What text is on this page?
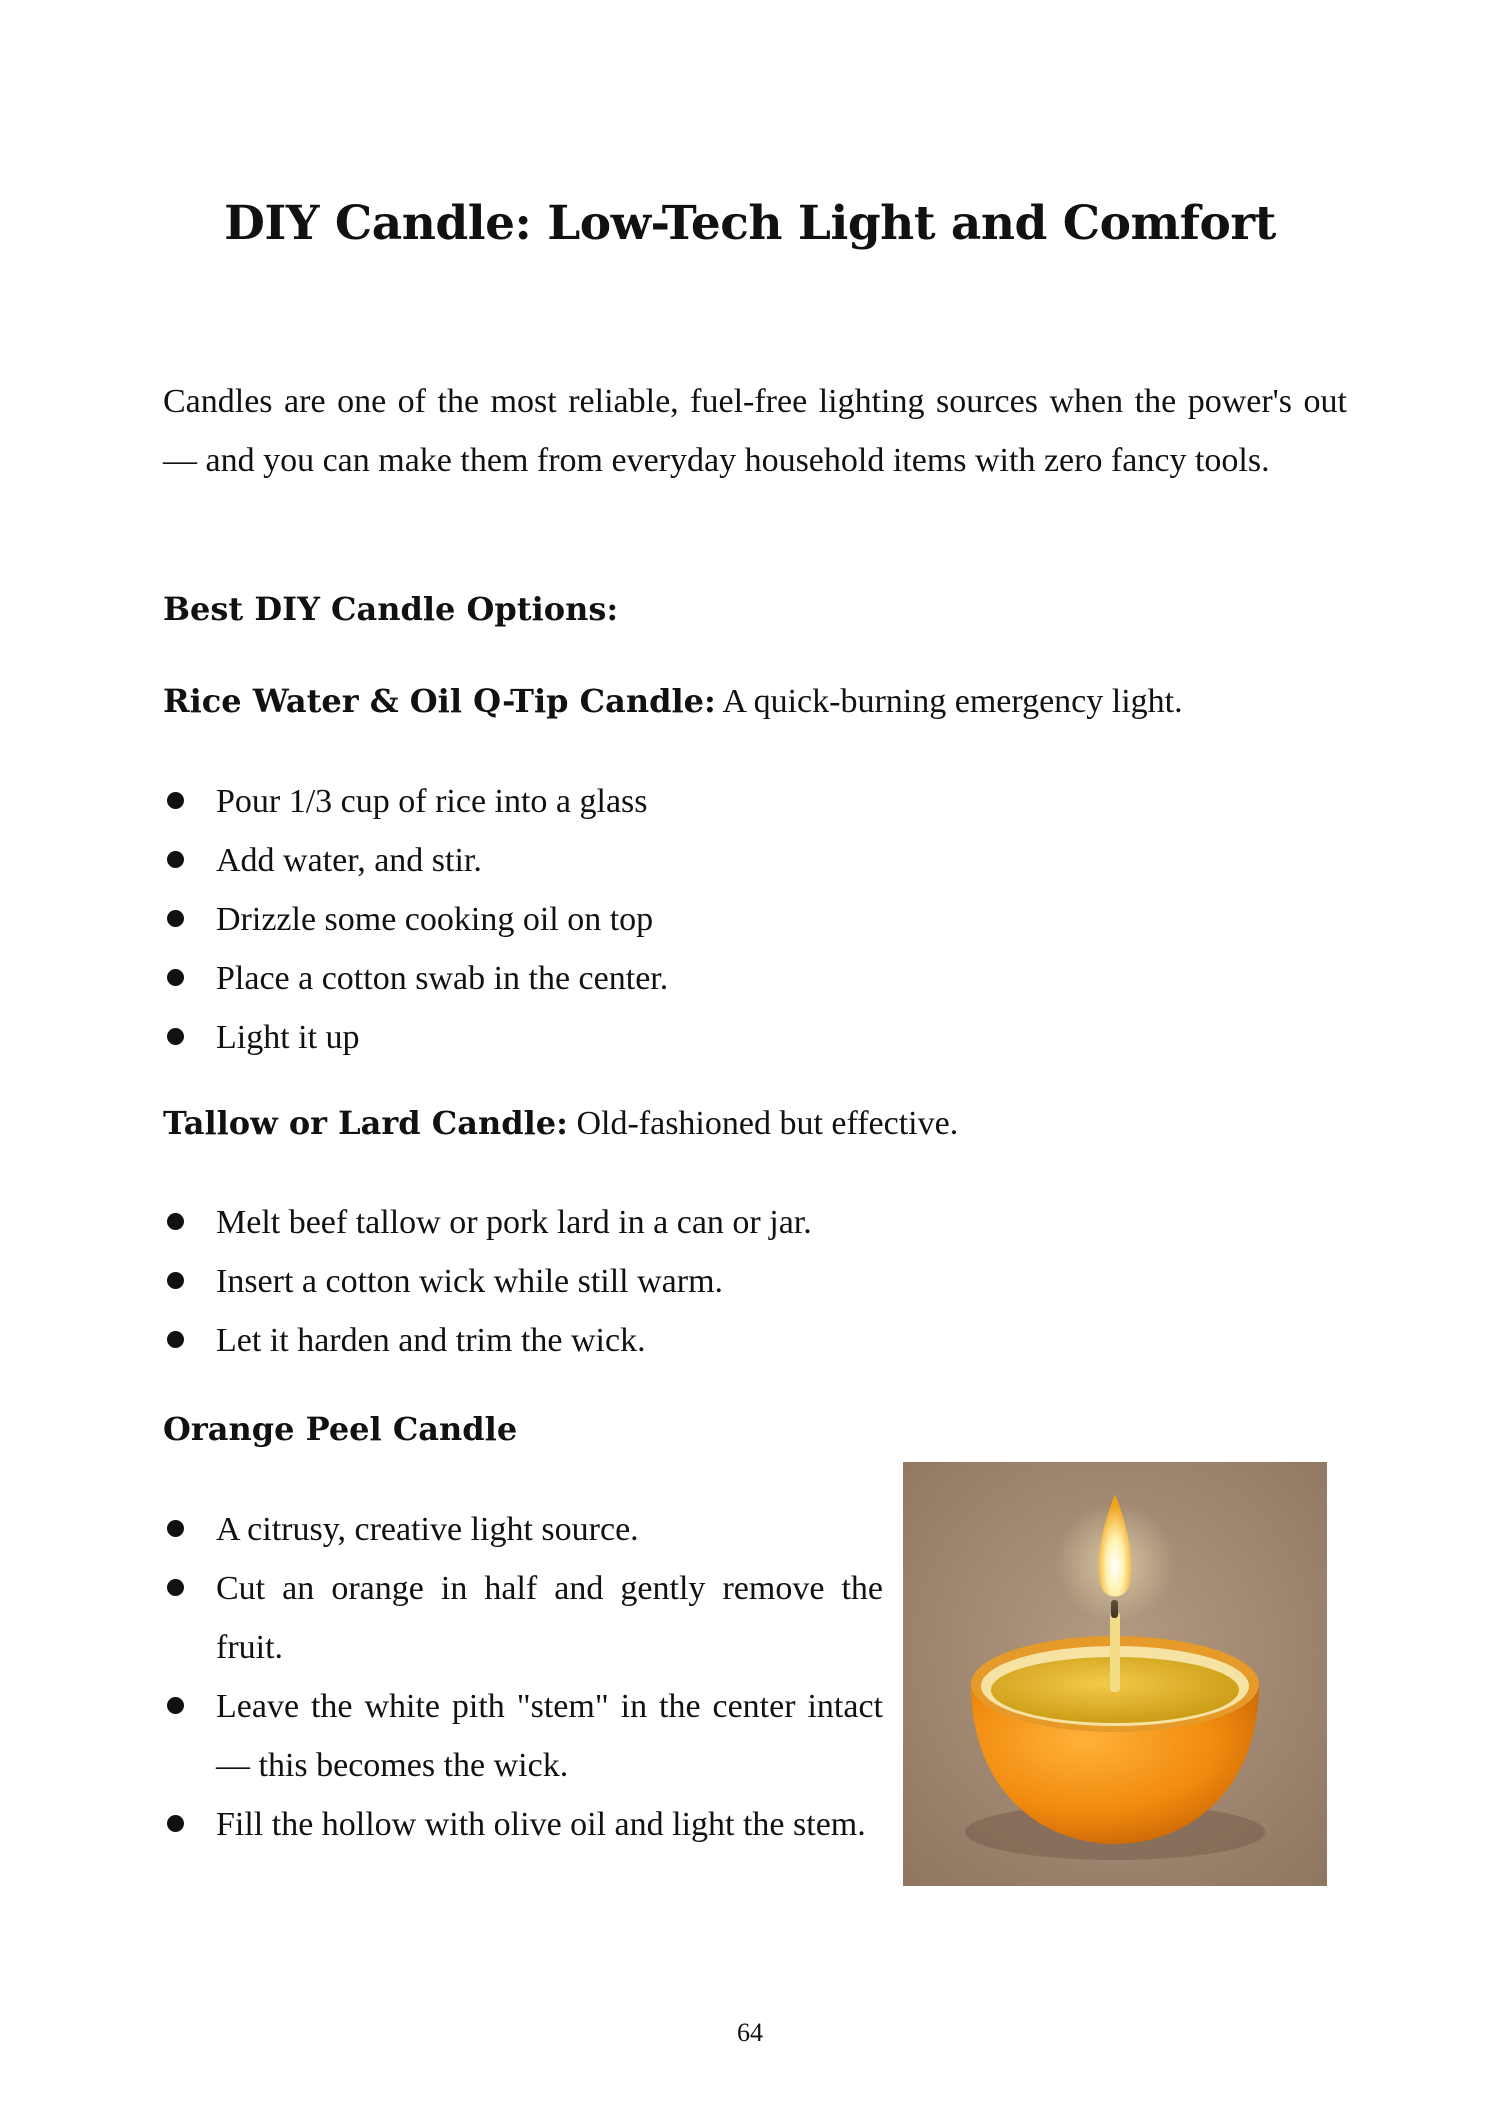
DIY Candle: Low-Tech Light and Comfort

Candles are one of the most reliable, fuel-free lighting sources when the power's out — and you can make them from everyday household items with zero fancy tools.

Best DIY Candle Options:

Rice Water & Oil Q-Tip Candle: A quick-burning emergency light.

Pour 1/3 cup of rice into a glass
Add water, and stir.
Drizzle some cooking oil on top
Place a cotton swab in the center.
Light it up

Tallow or Lard Candle: Old-fashioned but effective.

Melt beef tallow or pork lard in a can or jar.
Insert a cotton wick while still warm.
Let it harden and trim the wick.

Orange Peel Candle

A citrusy, creative light source.
Cut an orange in half and gently remove the fruit.
Leave the white pith "stem" in the center intact — this becomes the wick.
Fill the hollow with olive oil and light the stem.
64
